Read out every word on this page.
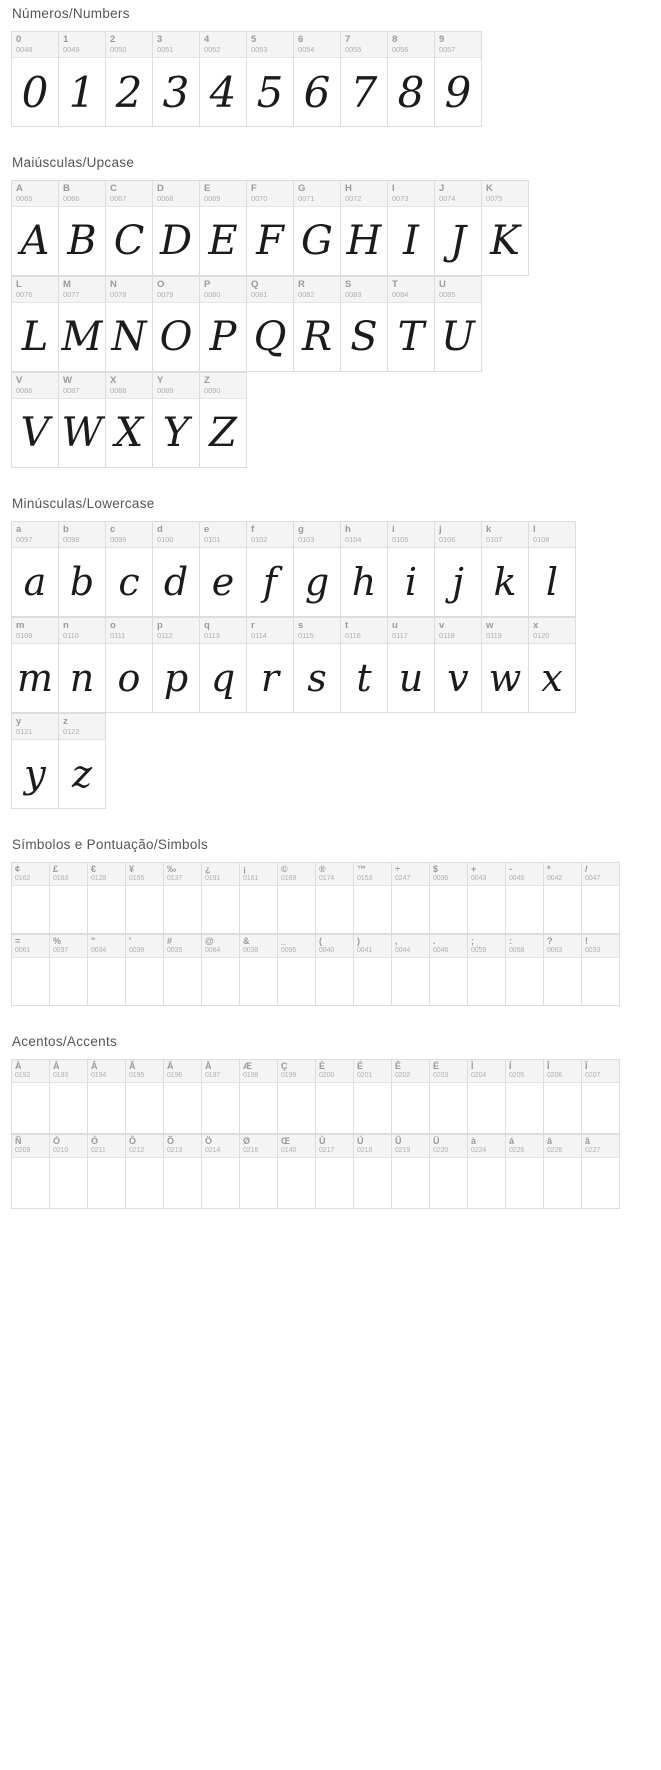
Números/Numbers
0
0048
0
1
0049
1
2
0050
2
3
0051
3
4
0052
4
5
0053
5
6
0054
6
7
0055
7
8
0056
8
9
0057
9
Maiúsculas/Upcase
A
0065
A
B
0066
B
C
0067
C
D
0068
D
E
0069
E
F
0070
F
G
0071
G
H
0072
H
I
0073
I
J
0074
J
K
0075
K
L
0076
L
M
0077
M
N
0078
N
O
0079
O
P
0080
P
Q
0081
Q
R
0082
R
S
0083
S
T
0084
T
U
0085
U
V
0086
V
W
0087
W
X
0088
X
Y
0089
Y
Z
0090
Z
Minúsculas/Lowercase
a
0097
a
b
0098
b
c
0099
c
d
0100
d
e
0101
e
f
0102
f
g
0103
g
h
0104
h
i
0105
i
j
0106
j
k
0107
k
l
0108
l
m
0109
m
n
0110
n
o
0111
o
p
0112
p
q
0113
q
r
0114
r
s
0115
s
t
0116
t
u
0117
u
v
0118
v
w
0119
w
x
0120
x
y
0121
y
z
0122
z
Símbolos e Pontuação/Simbols
¢
0162
£
0163
€
0128
¥
0165
‰
0137
¿
0191
¡
0161
©
0169
®
0174
™
0153
÷
0247
$
0036
+
0043
-
0045
*
0042
/
0047
=
0061
%
0037
"
0034
'
0039
#
0035
@
0064
&
0038
_
0095
(
0040
)
0041
,
0044
.
0046
;
0059
:
0058
?
0063
!
0033
Acentos/Accents
À
0192
Á
0193
Â
0194
Ã
0195
Ä
0196
Å
0197
Æ
0198
Ç
0199
È
0200
É
0201
Ê
0202
Ë
0203
Ì
0204
Í
0205
Î
0206
Ï
0207
Ñ
0209
Ò
0210
Ó
0211
Ô
0212
Õ
0213
Ö
0214
Ø
0216
Œ
0140
Ù
0217
Ú
0218
Û
0219
Ü
0220
à
0224
á
0225
â
0226
ã
0227
